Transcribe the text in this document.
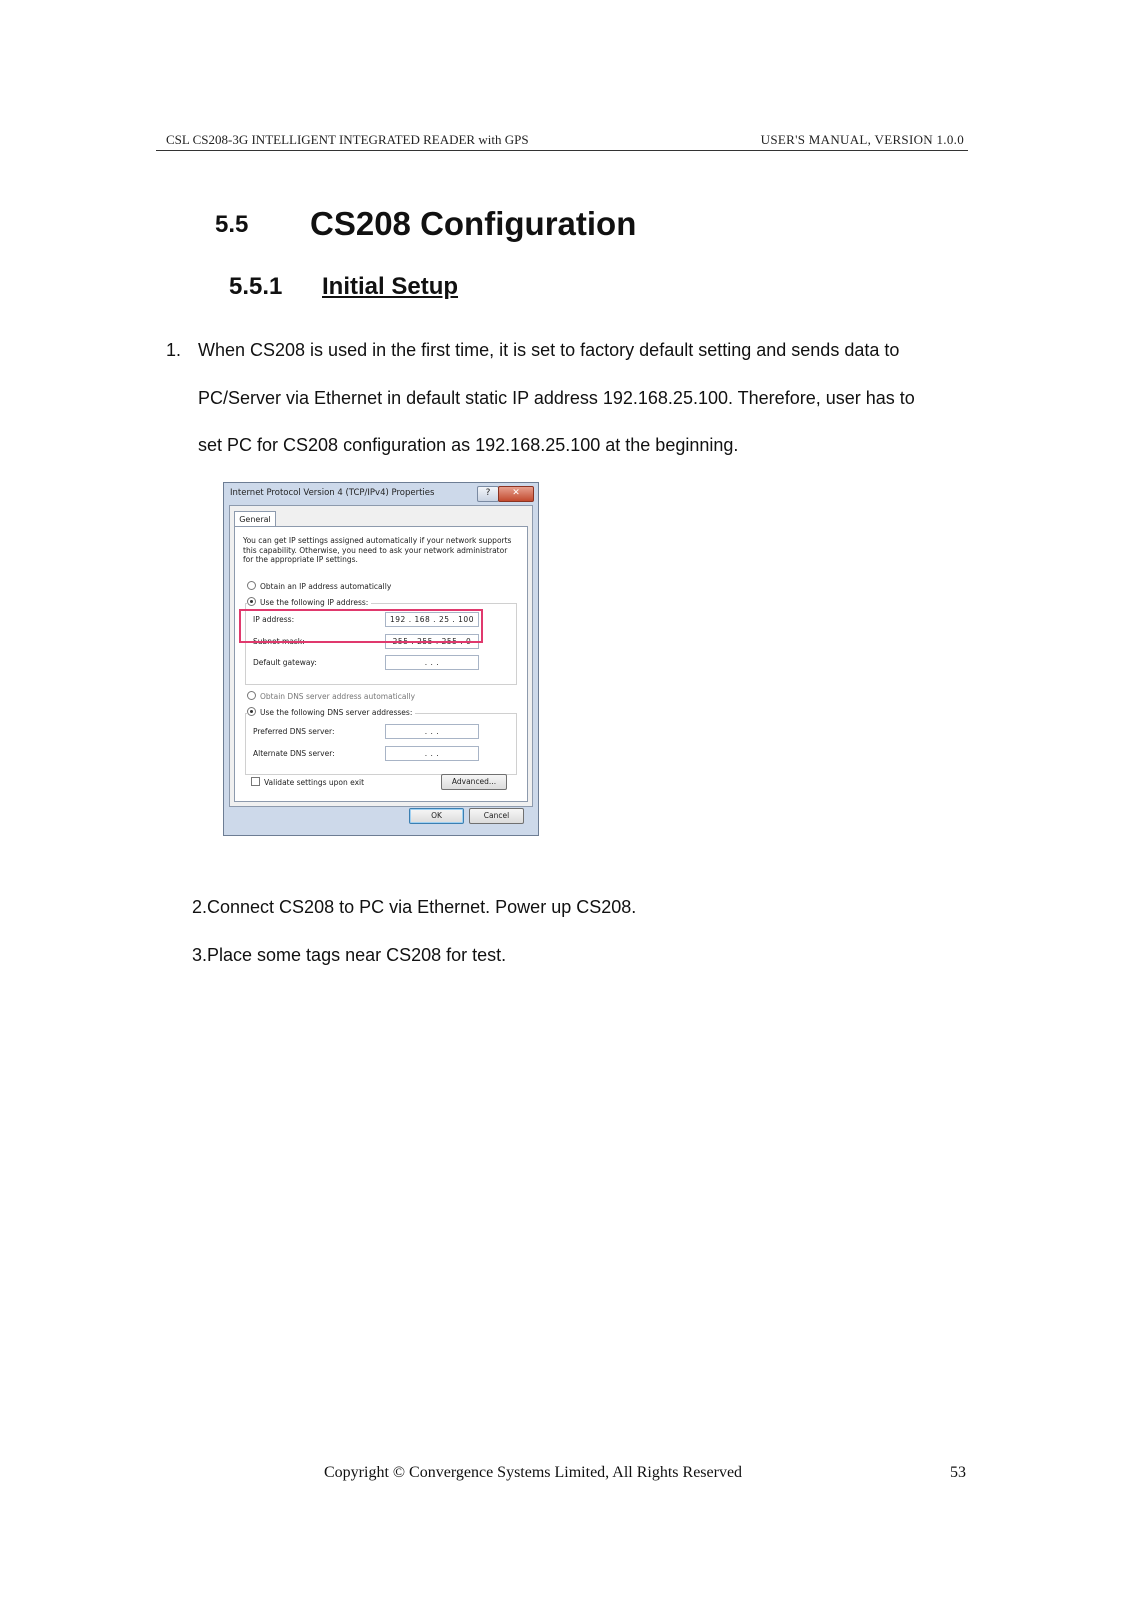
CSL CS208-3G INTELLIGENT INTEGRATED READER with GPS	USER'S MANUAL, VERSION 1.0.0
5.5 CS208 Configuration
5.5.1 Initial Setup
1. When CS208 is used in the first time, it is set to factory default setting and sends data to
PC/Server via Ethernet in default static IP address 192.168.25.100. Therefore, user has to
set PC for CS208 configuration as 192.168.25.100 at the beginning.
Internet Protocol Version 4 (TCP/IPv4) Properties	?	✕
General
You can get IP settings assigned automatically if your network supports this capability. Otherwise, you need to ask your network administrator for the appropriate IP settings.
Obtain an IP address automatically
Use the following IP address:
IP address:	192 . 168 . 25 . 100
Subnet mask:	255 . 255 . 255 . 0
Default gateway:	. . .
Obtain DNS server address automatically
Use the following DNS server addresses:
Preferred DNS server:	. . .
Alternate DNS server:	. . .
Validate settings upon exit	Advanced...
OK	Cancel
2.Connect CS208 to PC via Ethernet. Power up CS208.
3.Place some tags near CS208 for test.
Copyright © Convergence Systems Limited, All Rights Reserved	53
